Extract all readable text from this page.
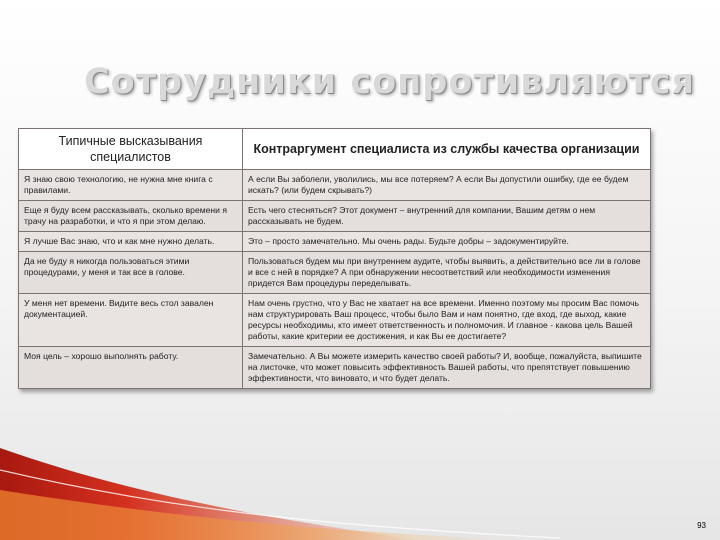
Сотрудники сопротивляются
Типичные высказывания специалистов	Контраргумент специалиста из службы качества организации
Я знаю свою технологию, не нужна мне книга с правилами.	А если Вы заболели, уволились, мы все потеряем? А если Вы допустили ошибку, где ее будем искать? (или будем скрывать?)
Еще я буду всем рассказывать, сколько времени я трачу на разработки, и что я при этом делаю.	Есть чего стесняться? Этот документ – внутренний для компании, Вашим детям о нем рассказывать не будем.
Я лучше Вас знаю, что и как мне нужно делать.	Это – просто замечательно. Мы очень рады. Будьте добры – задокументируйте.
Да не буду я никогда пользоваться этими процедурами, у меня и так все в голове.	Пользоваться будем мы при внутреннем аудите, чтобы выявить, а действительно все ли в голове и все с ней в порядке? А при обнаружении несоответствий или необходимости изменения придется Вам процедуры переделывать.
У меня нет времени. Видите весь стол завален документацией.	Нам очень грустно, что у Вас не хватает на все времени. Именно поэтому мы просим Вас помочь нам структурировать Ваш процесс, чтобы было Вам и нам понятно, где вход, где выход, какие ресурсы необходимы, кто имеет ответственность и полномочия. И главное - какова цель Вашей работы, какие критерии ее достижения, и как Вы ее достигаете?
Моя цель – хорошо выполнять работу.	Замечательно. А Вы можете измерить качество своей работы? И, вообще, пожалуйста, выпишите на листочке, что может повысить эффективность Вашей работы, что препятствует повышению эффективности, что виновато, и что будет делать.
93
